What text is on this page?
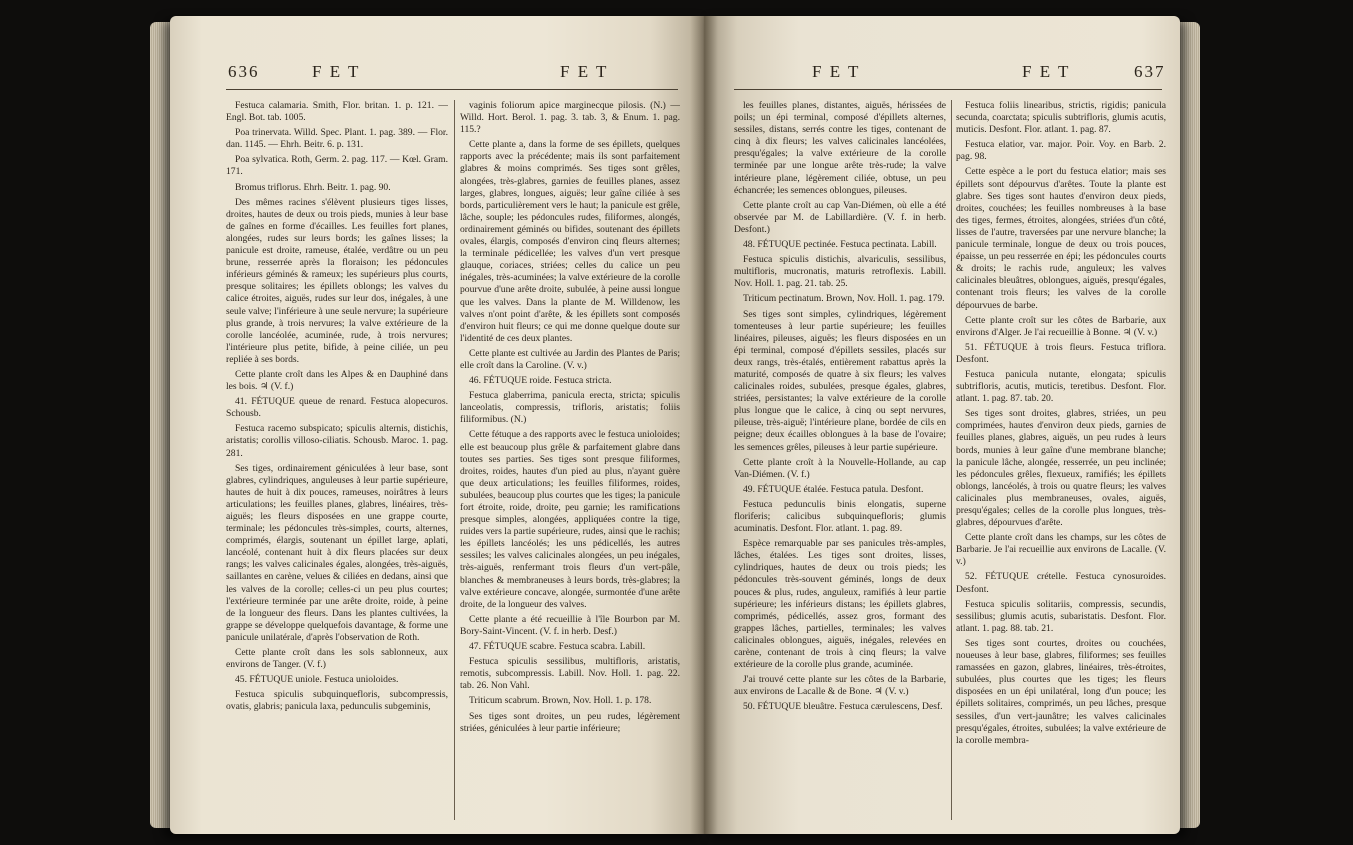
636	F E T	F E T

Festuca calamaria. Smith, Flor. britan. 1. p. 121. — Engl. Bot. tab. 1005.

Poa trinervata. Willd. Spec. Plant. 1. pag. 389. — Flor. dan. 1145. — Ehrh. Beitr. 6. p. 131.

Poa sylvatica. Roth, Germ. 2. pag. 117. — Kœl. Gram. 171.

Bromus triflorus. Ehrh. Beitr. 1. pag. 90.

Des mêmes racines s'élèvent plusieurs tiges lisses, droites, hautes de deux ou trois pieds, munies à leur base de gaînes en forme d'écailles. Les feuilles fort planes, alongées, rudes sur leurs bords; les gaînes lisses; la panicule est droite, rameuse, étalée, verdâtre ou un peu brune, resserrée après la floraison; les pédoncules inférieurs géminés & rameux; les supérieurs plus courts, presque solitaires; les épillets oblongs; les valves du calice étroites, aiguës, rudes sur leur dos, inégales, à une seule valve; l'inférieure à une seule nervure; la supérieure plus grande, à trois nervures; la valve extérieure de la corolle lancéolée, acuminée, rude, à trois nervures; l'intérieure plus petite, bifide, à peine ciliée, un peu repliée à ses bords.

Cette plante croît dans les Alpes & en Dauphiné dans les bois. ♃ (V. f.)

41. FÉTUQUE queue de renard. Festuca alopecuros. Schousb.

Festuca racemo subspicato; spiculis alternis, distichis, aristatis; corollis villoso-ciliatis. Schousb. Maroc. 1. pag. 281.

Ses tiges, ordinairement géniculées à leur base, sont glabres, cylindriques, anguleuses à leur partie supérieure, hautes de huit à dix pouces, rameuses, noirâtres à leurs articulations; les feuilles planes, glabres, linéaires, très-aiguës; les fleurs disposées en une grappe courte, terminale; les pédoncules très-simples, courts, alternes, comprimés, élargis, soutenant un épillet large, aplati, lancéolé, contenant huit à dix fleurs placées sur deux rangs; les valves calicinales égales, alongées, très-aiguës, saillantes en carène, velues & ciliées en dedans, ainsi que les valves de la corolle; celles-ci un peu plus courtes; l'extérieure terminée par une arête droite, roide, à peine de la longueur des fleurs. Dans les plantes cultivées, la grappe se développe quelquefois davantage, & forme une panicule unilatérale, d'après l'observation de Roth.

Cette plante croît dans les sols sablonneux, aux environs de Tanger. (V. f.)

45. FÉTUQUE uniole. Festuca unioloides.

Festuca spiculis subquinquefloris, subcompressis, ovatis, glabris; panicula laxa, pedunculis subgeminis,

vaginis foliorum apice marginecque pilosis. (N.) — Willd. Hort. Berol. 1. pag. 3. tab. 3, & Enum. 1. pag. 115.?

Cette plante a, dans la forme de ses épillets, quelques rapports avec la précédente; mais ils sont parfaitement glabres & moins comprimés. Ses tiges sont grêles, alongées, très-glabres, garnies de feuilles planes, assez larges, glabres, longues, aiguës; leur gaîne ciliée à ses bords, particulièrement vers le haut; la panicule est grêle, lâche, souple; les pédoncules rudes, filiformes, alongés, ordinairement géminés ou bifides, soutenant des épillets ovales, élargis, composés d'environ cinq fleurs alternes; la terminale pédicellée; les valves d'un vert presque glauque, coriaces, striées; celles du calice un peu inégales, très-acuminées; la valve extérieure de la corolle pourvue d'une arête droite, subulée, à peine aussi longue que les valves. Dans la plante de M. Willdenow, les valves n'ont point d'arête, & les épillets sont composés d'environ huit fleurs; ce qui me donne quelque doute sur l'identité de ces deux plantes.

Cette plante est cultivée au Jardin des Plantes de Paris; elle croît dans la Caroline. (V. v.)

46. FÉTUQUE roide. Festuca stricta.

Festuca glaberrima, panicula erecta, stricta; spiculis lanceolatis, compressis, trifloris, aristatis; foliis filiformibus. (N.)

Cette fétuque a des rapports avec le festuca unioloides; elle est beaucoup plus grêle & parfaitement glabre dans toutes ses parties. Ses tiges sont presque filiformes, droites, roides, hautes d'un pied au plus, n'ayant guère que deux articulations; les feuilles filiformes, roides, subulées, beaucoup plus courtes que les tiges; la panicule fort étroite, roide, droite, peu garnie; les ramifications presque simples, alongées, appliquées contre la tige, ruides vers la partie supérieure, rudes, ainsi que le rachis; les épillets lancéolés; les uns pédicellés, les autres sessiles; les valves calicinales alongées, un peu inégales, très-aiguës, renfermant trois fleurs d'un vert-pâle, blanches & membraneuses à leurs bords, très-glabres; la valve extérieure concave, alongée, surmontée d'une arête droite, de la longueur des valves.

Cette plante a été recueillie à l'île Bourbon par M. Bory-Saint-Vincent. (V. f. in herb. Desf.)

47. FÉTUQUE scabre. Festuca scabra. Labill.

Festuca spiculis sessilibus, multifloris, aristatis, remotis, subcompressis. Labill. Nov. Holl. 1. pag. 22. tab. 26. Non Vahl.

Triticum scabrum. Brown, Nov. Holl. 1. p. 178.

Ses tiges sont droites, un peu rudes, légèrement striées, géniculées à leur partie inférieure;

F E T	F E T	637

les feuilles planes, distantes, aiguës, hérissées de poils; un épi terminal, composé d'épillets alternes, sessiles, distans, serrés contre les tiges, contenant de cinq à dix fleurs; les valves calicinales lancéolées, presqu'égales; la valve extérieure de la corolle terminée par une longue arête très-rude; la valve intérieure plane, légèrement ciliée, obtuse, un peu échancrée; les semences oblongues, pileuses.

Cette plante croît au cap Van-Diémen, où elle a été observée par M. de Labillardière. (V. f. in herb. Desfont.)

48. FÉTUQUE pectinée. Festuca pectinata. Labill.

Festuca spiculis distichis, alvariculis, sessilibus, multifloris, mucronatis, maturis retroflexis. Labill. Nov. Holl. 1. pag. 21. tab. 25.

Triticum pectinatum. Brown, Nov. Holl. 1. pag. 179.

Ses tiges sont simples, cylindriques, légèrement tomenteuses à leur partie supérieure; les feuilles linéaires, pileuses, aiguës; les fleurs disposées en un épi terminal, composé d'épillets sessiles, placés sur deux rangs, très-étalés, entièrement rabattus après la maturité, composés de quatre à six fleurs; les valves calicinales roides, subulées, presque égales, glabres, striées, persistantes; la valve extérieure de la corolle plus longue que le calice, à cinq ou sept nervures, pileuse, très-aiguë; l'intérieure plane, bordée de cils en peigne; deux écailles oblongues à la base de l'ovaire; les semences grêles, pileuses à leur partie supérieure.

Cette plante croît à la Nouvelle-Hollande, au cap Van-Diémen. (V. f.)

49. FÉTUQUE étalée. Festuca patula. Desfont.

Festuca pedunculis binis elongatis, superne floriferis; calicibus subquinquefloris; glumis acuminatis. Desfont. Flor. atlant. 1. pag. 89.

Espèce remarquable par ses panicules très-amples, lâches, étalées. Les tiges sont droites, lisses, cylindriques, hautes de deux ou trois pieds; les pédoncules très-souvent géminés, longs de deux pouces & plus, rudes, anguleux, ramifiés à leur partie supérieure; les inférieurs distans; les épillets glabres, comprimés, pédicellés, assez gros, formant des grappes lâches, partielles, terminales; les valves calicinales oblongues, aiguës, inégales, relevées en carène, contenant de trois à cinq fleurs; la valve extérieure de la corolle plus grande, acuminée.

J'ai trouvé cette plante sur les côtes de la Barbarie, aux environs de Lacalle & de Bone. ♃ (V. v.)

50. FÉTUQUE bleuâtre. Festuca cærulescens, Desf.

Festuca foliis linearibus, strictis, rigidis; panicula secunda, coarctata; spiculis subtrifloris, glumis acutis, muticis. Desfont. Flor. atlant. 1. pag. 87.

Festuca elatior, var. major. Poir. Voy. en Barb. 2. pag. 98.

Cette espèce a le port du festuca elatior; mais ses épillets sont dépourvus d'arêtes. Toute la plante est glabre. Ses tiges sont hautes d'environ deux pieds, droites, couchées; les feuilles nombreuses à la base des tiges, fermes, étroites, alongées, striées d'un côté, lisses de l'autre, traversées par une nervure blanche; la panicule terminale, longue de deux ou trois pouces, épaisse, un peu resserrée en épi; les pédoncules courts & droits; le rachis rude, anguleux; les valves calicinales bleuâtres, oblongues, aiguës, presqu'égales, contenant trois fleurs; les valves de la corolle dépourvues de barbe.

Cette plante croît sur les côtes de Barbarie, aux environs d'Alger. Je l'ai recueillie à Bonne. ♃ (V. v.)

51. FÉTUQUE à trois fleurs. Festuca triflora. Desfont.

Festuca panicula nutante, elongata; spiculis subtrifloris, acutis, muticis, teretibus. Desfont. Flor. atlant. 1. pag. 87. tab. 20.

Ses tiges sont droites, glabres, striées, un peu comprimées, hautes d'environ deux pieds, garnies de feuilles planes, glabres, aiguës, un peu rudes à leurs bords, munies à leur gaîne d'une membrane blanche; la panicule lâche, alongée, resserrée, un peu inclinée; les pédoncules grêles, flexueux, ramifiés; les épillets oblongs, lancéolés, à trois ou quatre fleurs; les valves calicinales plus membraneuses, ovales, aiguës, presqu'égales; celles de la corolle plus longues, très-glabres, dépourvues d'arête.

Cette plante croît dans les champs, sur les côtes de Barbarie. Je l'ai recueillie aux environs de Lacalle. (V. v.)

52. FÉTUQUE crételle. Festuca cynosuroides. Desfont.

Festuca spiculis solitariis, compressis, secundis, sessilibus; glumis acutis, subaristatis. Desfont. Flor. atlant. 1. pag. 88. tab. 21.

Ses tiges sont courtes, droites ou couchées, noueuses à leur base, glabres, filiformes; ses feuilles ramassées en gazon, glabres, linéaires, très-étroites, subulées, plus courtes que les tiges; les fleurs disposées en un épi unilatéral, long d'un pouce; les épillets solitaires, comprimés, un peu lâches, presque sessiles, d'un vert-jaunâtre; les valves calicinales presqu'égales, étroites, subulées; la valve extérieure de la corolle membra-
